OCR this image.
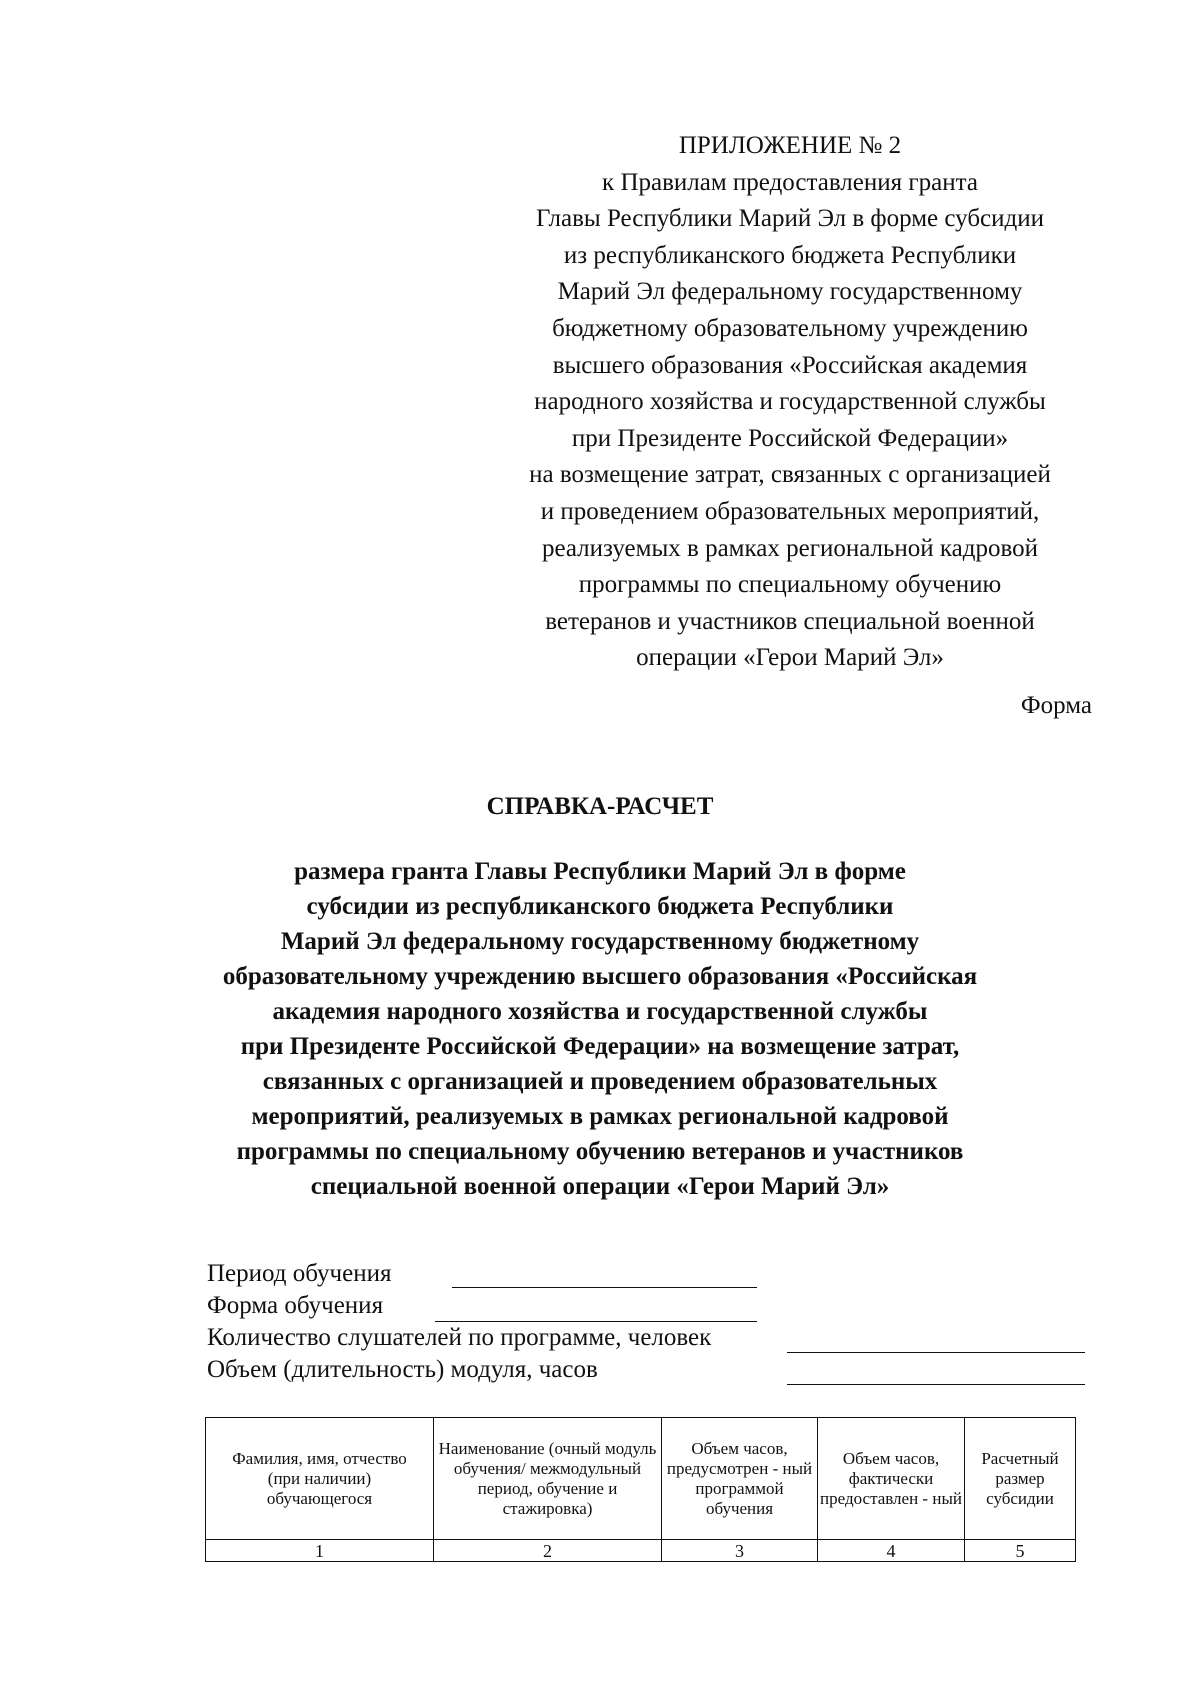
ПРИЛОЖЕНИЕ № 2
к Правилам предоставления гранта
Главы Республики Марий Эл в форме субсидии
из республиканского бюджета Республики
Марий Эл федеральному государственному
бюджетному образовательному учреждению
высшего образования «Российская академия
народного хозяйства и государственной службы
при Президенте Российской Федерации»
на возмещение затрат, связанных с организацией
и проведением образовательных мероприятий,
реализуемых в рамках региональной кадровой
программы по специальному обучению
ветеранов и участников специальной военной
операции «Герои Марий Эл»
Форма
СПРАВКА-РАСЧЕТ
размера гранта Главы Республики Марий Эл в форме
субсидии из республиканского бюджета Республики
Марий Эл федеральному государственному бюджетному
образовательному учреждению высшего образования «Российская
академия народного хозяйства и государственной службы
при Президенте Российской Федерации» на возмещение затрат,
связанных с организацией и проведением образовательных
мероприятий, реализуемых в рамках региональной кадровой
программы по специальному обучению ветеранов и участников
специальной военной операции «Герои Марий Эл»
Период обучения
Форма обучения
Количество слушателей по программе, человек
Объем (длительность) модуля, часов
Фамилия, имя, отчество (при наличии) обучающегося	Наименование (очный модуль обучения/ межмодульный период, обучение и стажировка)	Объем часов, предусмотрен - ный программой обучения	Объем часов, фактически предоставлен - ный	Расчетный размер субсидии

1	2	3	4	5
